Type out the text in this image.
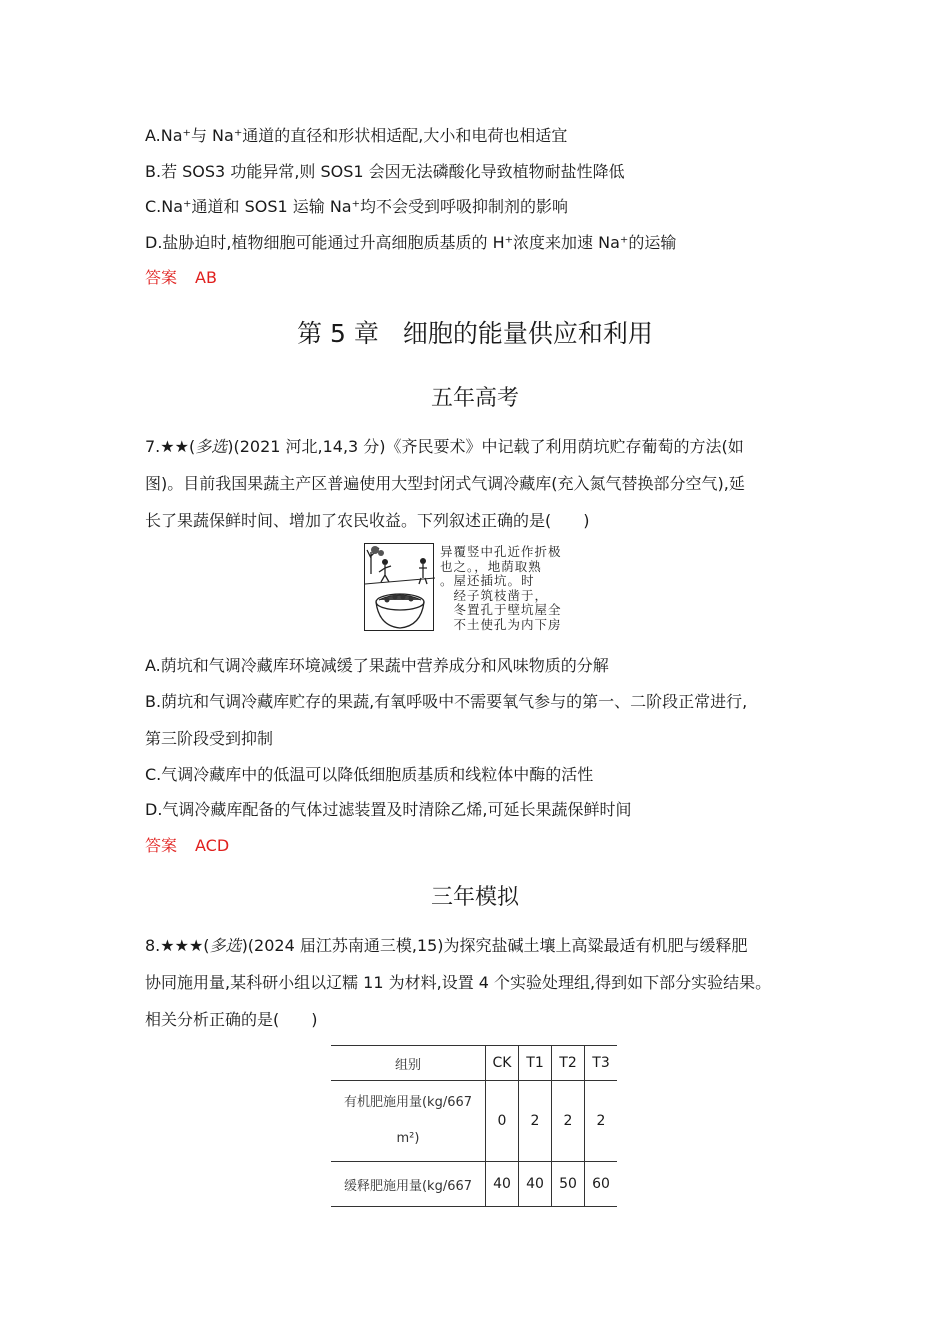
A.Na⁺与 Na⁺通道的直径和形状相适配,大小和电荷也相适宜
B.若 SOS3 功能异常,则 SOS1 会因无法磷酸化导致植物耐盐性降低
C.Na⁺通道和 SOS1 运输 Na⁺均不会受到呼吸抑制剂的影响
D.盐胁迫时,植物细胞可能通过升高细胞质基质的 H⁺浓度来加速 Na⁺的运输
答案 AB
第 5 章 细胞的能量供应和利用
五年高考
7.★★(多选)(2021 河北,14,3 分)《齐民要术》中记载了利用荫坑贮存葡萄的方法(如
图)。目前我国果蔬主产区普遍使用大型封闭式气调冷藏库(充入氮气替换部分空气),延
长了果蔬保鲜时间、增加了农民收益。下列叙述正确的是(　　)
异覆竖中孔近作折极
也之。，地荫取熟
。屋还插坑。时
　经子筑枝凿于，
　冬置孔于壁坑屋全
　不土使孔为内下房
A.荫坑和气调冷藏库环境减缓了果蔬中营养成分和风味物质的分解
B.荫坑和气调冷藏库贮存的果蔬,有氧呼吸中不需要氧气参与的第一、二阶段正常进行,
第三阶段受到抑制
C.气调冷藏库中的低温可以降低细胞质基质和线粒体中酶的活性
D.气调冷藏库配备的气体过滤装置及时清除乙烯,可延长果蔬保鲜时间
答案 ACD
三年模拟
8.★★★(多选)(2024 届江苏南通三模,15)为探究盐碱土壤上高粱最适有机肥与缓释肥
协同施用量,某科研小组以辽糯 11 为材料,设置 4 个实验处理组,得到如下部分实验结果。
相关分析正确的是(　　)
组别	CK	T1	T2	T3

有机肥施用量(kg/667
m²)	0	2	2	2
缓释肥施用量(kg/667	40	40	50	60
